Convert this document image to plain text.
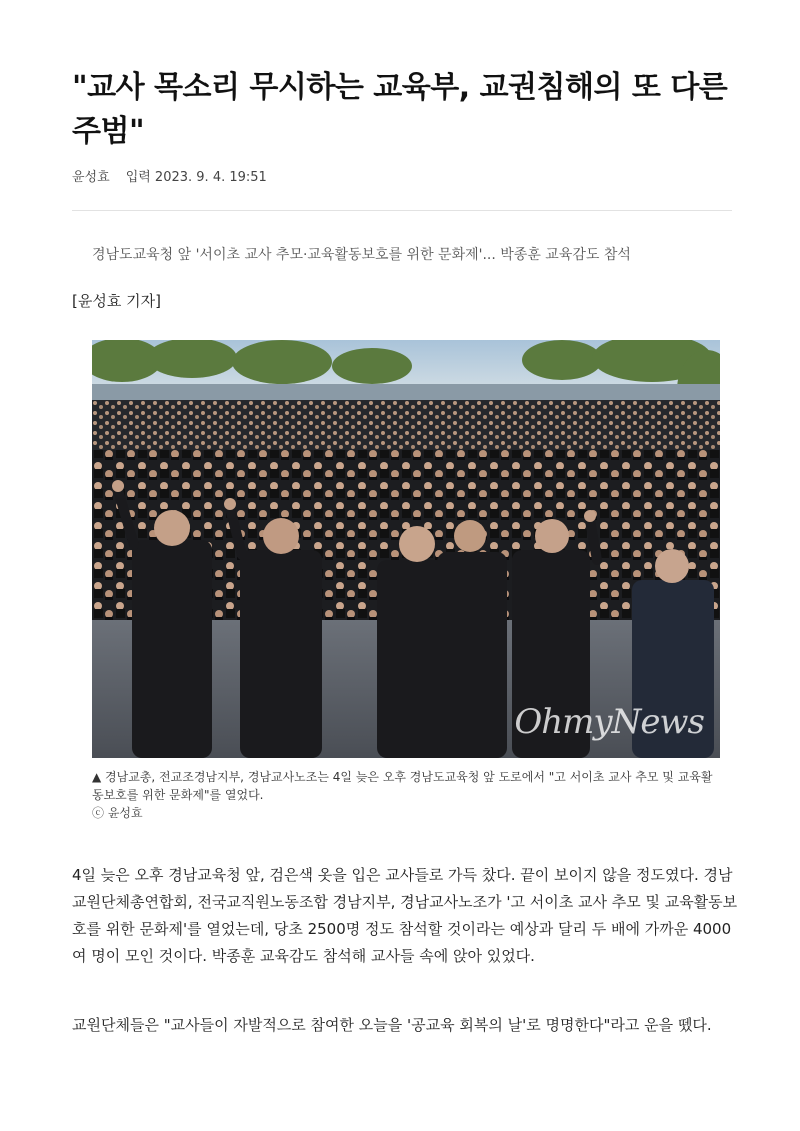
"교사 목소리 무시하는 교육부, 교권침해의 또 다른 주범"
윤성효 입력 2023. 9. 4. 19:51
경남도교육청 앞 '서이초 교사 추모·교육활동보호를 위한 문화제'... 박종훈 교육감도 참석
[윤성효 기자]
OhmyNews
▲ 경남교총, 전교조경남지부, 경남교사노조는 4일 늦은 오후 경남도교육청 앞 도로에서 "고 서이초 교사 추모 및 교육활동보호를 위한 문화제"를 열었다.
ⓒ 윤성효

4일 늦은 오후 경남교육청 앞, 검은색 옷을 입은 교사들로 가득 찼다. 끝이 보이지 않을 정도였다. 경남교원단체총연합회, 전국교직원노동조합 경남지부, 경남교사노조가 '고 서이초 교사 추모 및 교육활동보호를 위한 문화제'를 열었는데, 당초 2500명 정도 참석할 것이라는 예상과 달리 두 배에 가까운 4000여 명이 모인 것이다. 박종훈 교육감도 참석해 교사들 속에 앉아 있었다.

교원단체들은 "교사들이 자발적으로 참여한 오늘을 '공교육 회복의 날'로 명명한다"라고 운을 뗐다.
